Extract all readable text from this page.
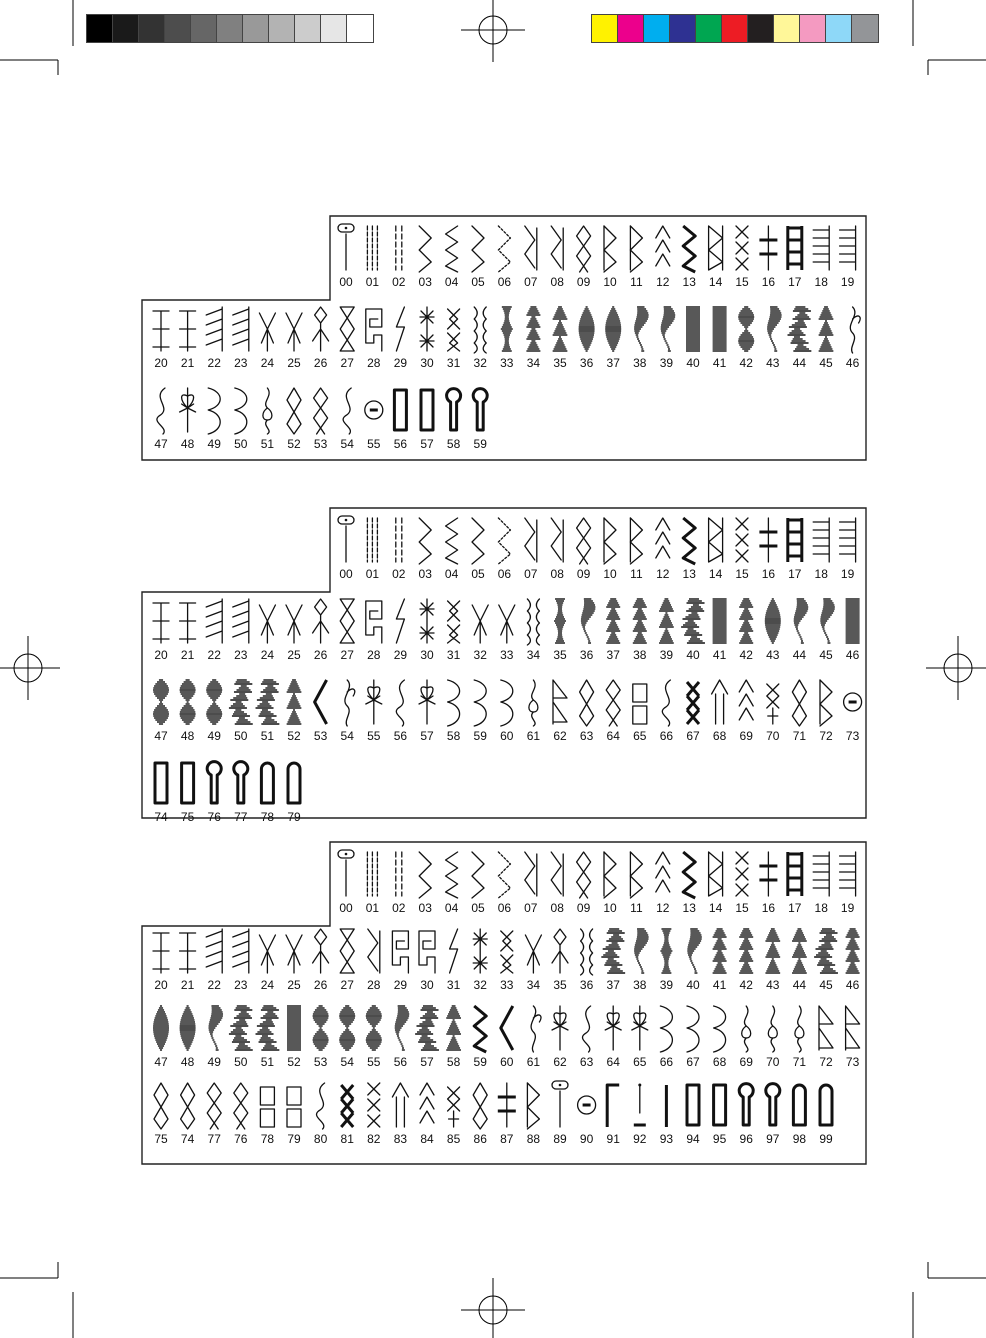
00 01 02 03 04 05 06 07 08 09 10 11 12 13 14 15 16 17 18 19
20 21 22 23 24 25 26 27 28 29 30 31 32 33 34 35 36 37 38 39 40 41 42 43 44 45 46
47 48 49 50 51 52 53 54 55 56 57 58 59
00 01 02 03 04 05 06 07 08 09 10 11 12 13 14 15 16 17 18 19
20 21 22 23 24 25 26 27 28 29 30 31 32 33 34 35 36 37 38 39 40 41 42 43 44 45 46
47 48 49 50 51 52 53 54 55 56 57 58 59 60 61 62 63 64 65 66 67 68 69 70 71 72 73
74 75 76 77 78 79
00 01 02 03 04 05 06 07 08 09 10 11 12 13 14 15 16 17 18 19
20 21 22 23 24 25 26 27 28 29 30 31 32 33 34 35 36 37 38 39 40 41 42 43 44 45 46
47 48 49 50 51 52 53 54 55 56 57 58 59 60 61 62 63 64 65 66 67 68 69 70 71 72 73
75 74 77 76 78 79 80 81 82 83 84 85 86 87 88 89 90 91 92 93 94 95 96 97 98 99
